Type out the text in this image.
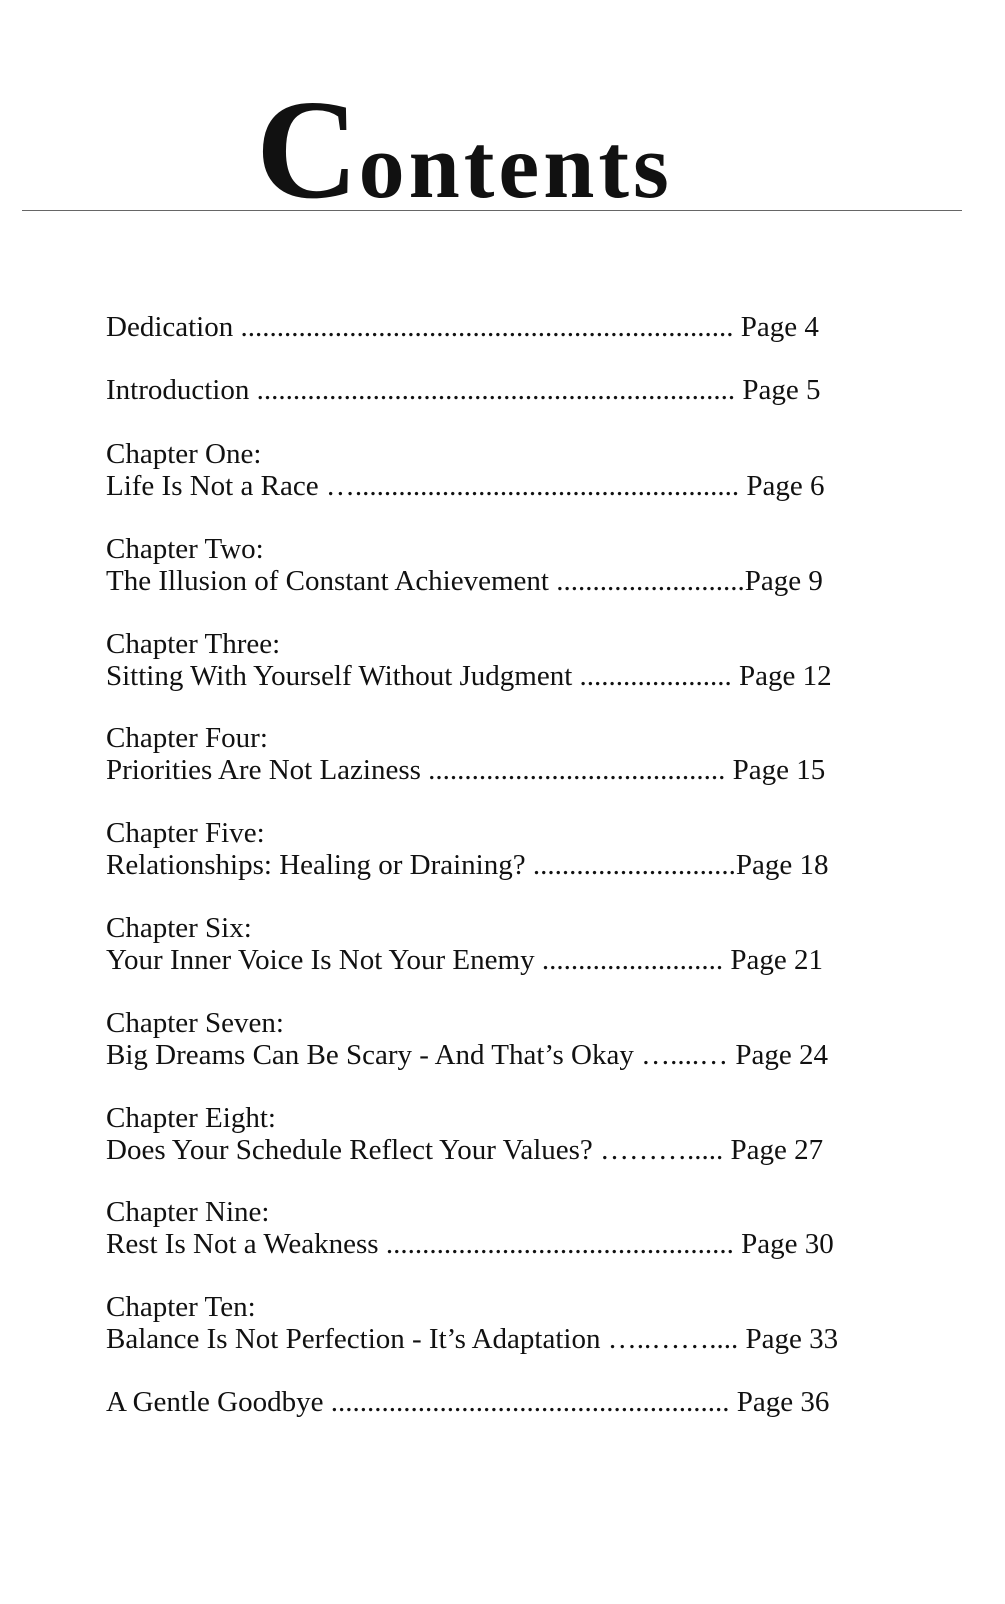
Contents
Dedication .................................................................... Page 4
Introduction .................................................................. Page 5
Chapter One:
Life Is Not a Race …..................................................... Page 6
Chapter Two:
The Illusion of Constant Achievement ..........................Page 9
Chapter Three:
Sitting With Yourself Without Judgment ..................... Page 12
Chapter Four:
Priorities Are Not Laziness ......................................... Page 15
Chapter Five:
Relationships: Healing or Draining? ............................Page 18
Chapter Six:
Your Inner Voice Is Not Your Enemy ......................... Page 21
Chapter Seven:
Big Dreams Can Be Scary - And That’s Okay …....… Page 24
Chapter Eight:
Does Your Schedule Reflect Your Values? ………..... Page 27
Chapter Nine:
Rest Is Not a Weakness ................................................ Page 30
Chapter Ten:
Balance Is Not Perfection - It’s Adaptation …..…….... Page 33
A Gentle Goodbye ....................................................... Page 36
